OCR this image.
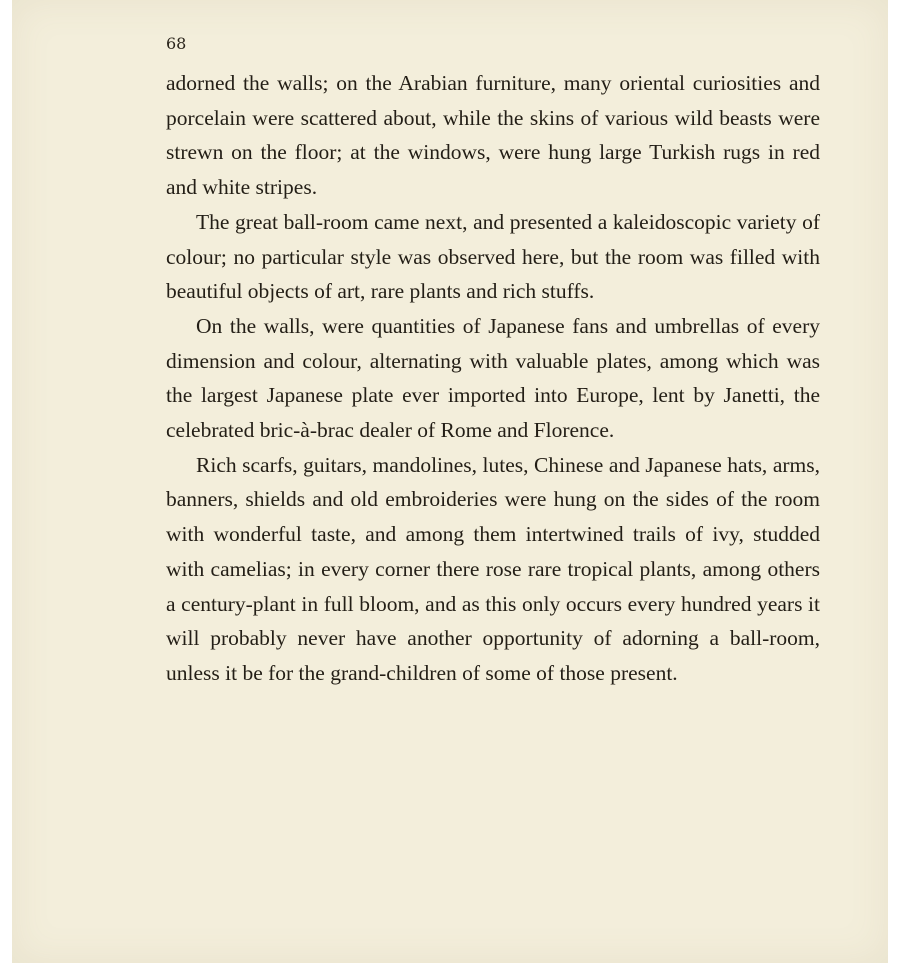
68

adorned the walls; on the Arabian furniture, many oriental curiosities and porcelain were scattered about, while the skins of various wild beasts were strewn on the floor; at the windows, were hung large Turkish rugs in red and white stripes.

The great ball-room came next, and presented a kaleidoscopic variety of colour; no particular style was observed here, but the room was filled with beautiful objects of art, rare plants and rich stuffs.

On the walls, were quantities of Japanese fans and umbrellas of every dimension and colour, alternating with valuable plates, among which was the largest Japanese plate ever imported into Europe, lent by Janetti, the celebrated bric-à-brac dealer of Rome and Florence.

Rich scarfs, guitars, mandolines, lutes, Chinese and Japanese hats, arms, banners, shields and old embroideries were hung on the sides of the room with wonderful taste, and among them intertwined trails of ivy, studded with camelias; in every corner there rose rare tropical plants, among others a century-plant in full bloom, and as this only occurs every hundred years it will probably never have another opportunity of adorning a ball-room, unless it be for the grand-children of some of those present.
